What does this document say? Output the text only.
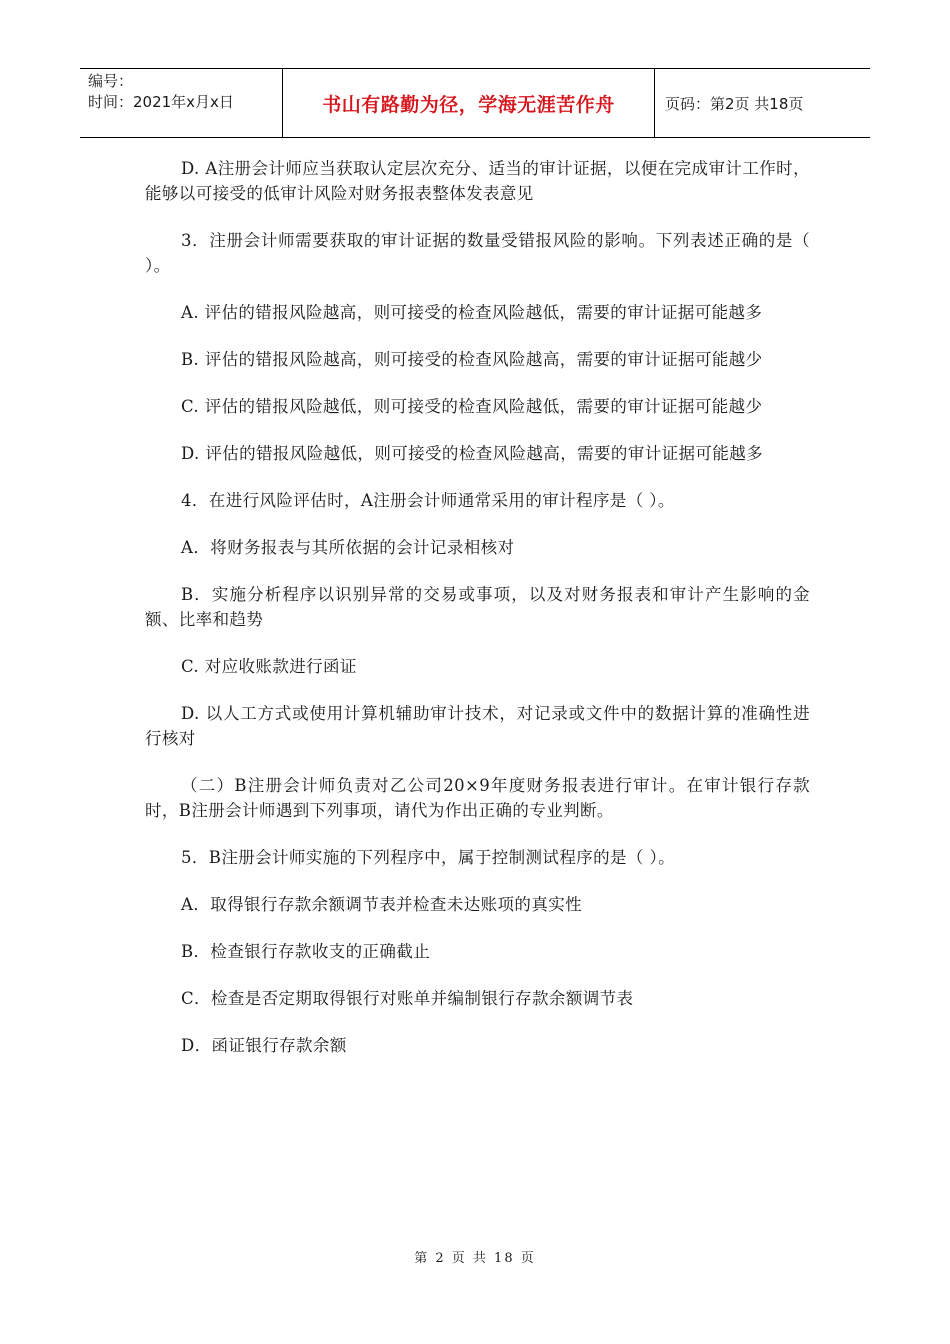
编号：
时间：2021年x月x日	书山有路勤为径，学海无涯苦作舟	页码：第2页 共18页

D. A注册会计师应当获取认定层次充分、适当的审计证据，以便在完成审计工作时，能够以可接受的低审计风险对财务报表整体发表意见

3．注册会计师需要获取的审计证据的数量受错报风险的影响。下列表述正确的是（ ）。

A. 评估的错报风险越高，则可接受的检查风险越低，需要的审计证据可能越多

B. 评估的错报风险越高，则可接受的检查风险越高，需要的审计证据可能越少

C. 评估的错报风险越低，则可接受的检查风险越低，需要的审计证据可能越少

D. 评估的错报风险越低，则可接受的检查风险越高，需要的审计证据可能越多

4．在进行风险评估时，A注册会计师通常采用的审计程序是（ ）。

A．将财务报表与其所依据的会计记录相核对

B．实施分析程序以识别异常的交易或事项，以及对财务报表和审计产生影响的金额、比率和趋势

C. 对应收账款进行函证

D. 以人工方式或使用计算机辅助审计技术，对记录或文件中的数据计算的准确性进行核对

（二）B注册会计师负责对乙公司20×9年度财务报表进行审计。在审计银行存款时，B注册会计师遇到下列事项，请代为作出正确的专业判断。

5．B注册会计师实施的下列程序中，属于控制测试程序的是（ ）。

A．取得银行存款余额调节表并检查未达账项的真实性

B．检查银行存款收支的正确截止

C．检查是否定期取得银行对账单并编制银行存款余额调节表

D．函证银行存款余额

第 2 页 共 18 页
